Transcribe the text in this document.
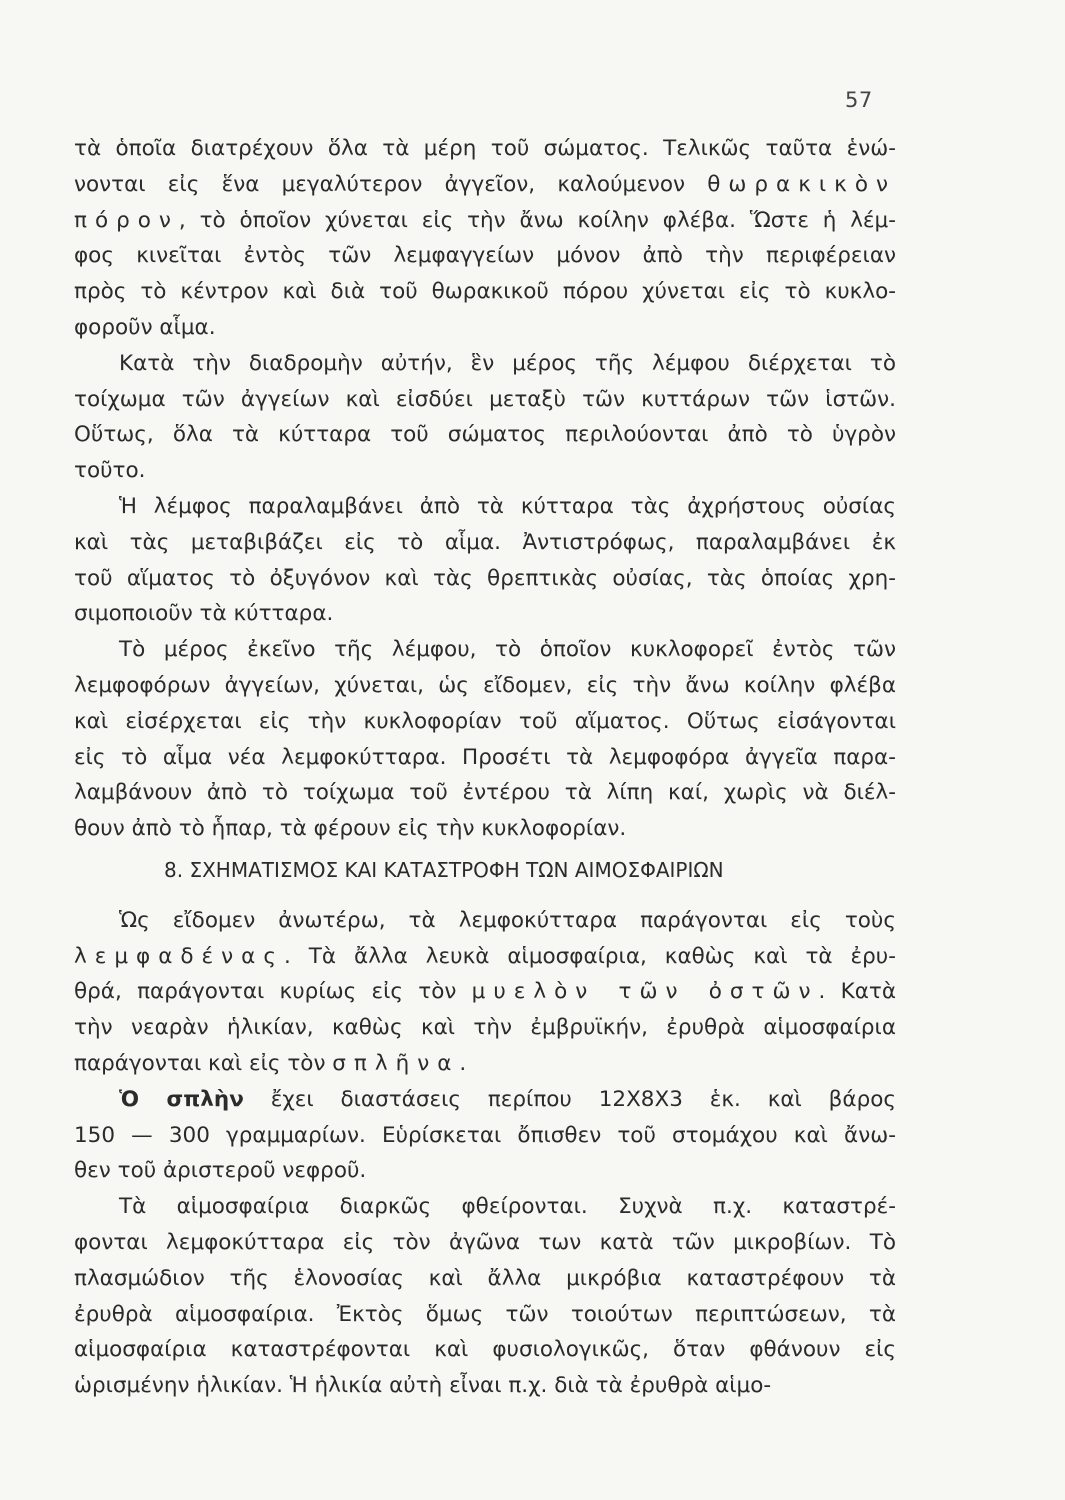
57
τὰ ὁποῖα διατρέχουν ὅλα τὰ μέρη τοῦ σώματος. Τελικῶς ταῦτα ἑνώ-
νονται εἰς ἕνα μεγαλύτερον ἀγγεῖον, καλούμενον θωρακικὸν
πόρον, τὸ ὁποῖον χύνεται εἰς τὴν ἄνω κοίλην φλέβα. Ὥστε ἡ λέμ-
φος κινεῖται ἐντὸς τῶν λεμφαγγείων μόνον ἀπὸ τὴν περιφέρειαν
πρὸς τὸ κέντρον καὶ διὰ τοῦ θωρακικοῦ πόρου χύνεται εἰς τὸ κυκλο-
φοροῦν αἷμα.
Κατὰ τὴν διαδρομὴν αὐτήν, ἓν μέρος τῆς λέμφου διέρχεται τὸ
τοίχωμα τῶν ἀγγείων καὶ εἰσδύει μεταξὺ τῶν κυττάρων τῶν ἱστῶν.
Οὕτως, ὅλα τὰ κύτταρα τοῦ σώματος περιλούονται ἀπὸ τὸ ὑγρὸν
τοῦτο.
Ἡ λέμφος παραλαμβάνει ἀπὸ τὰ κύτταρα τὰς ἀχρήστους οὐσίας
καὶ τὰς μεταβιβάζει εἰς τὸ αἷμα. Ἀντιστρόφως, παραλαμβάνει ἐκ
τοῦ αἵματος τὸ ὀξυγόνον καὶ τὰς θρεπτικὰς οὐσίας, τὰς ὁποίας χρη-
σιμοποιοῦν τὰ κύτταρα.
Τὸ μέρος ἐκεῖνο τῆς λέμφου, τὸ ὁποῖον κυκλοφορεῖ ἐντὸς τῶν
λεμφοφόρων ἀγγείων, χύνεται, ὡς εἴδομεν, εἰς τὴν ἄνω κοίλην φλέβα
καὶ εἰσέρχεται εἰς τὴν κυκλοφορίαν τοῦ αἵματος. Οὕτως εἰσάγονται
εἰς τὸ αἷμα νέα λεμφοκύτταρα. Προσέτι τὰ λεμφοφόρα ἀγγεῖα παρα-
λαμβάνουν ἀπὸ τὸ τοίχωμα τοῦ ἐντέρου τὰ λίπη καί, χωρὶς νὰ διέλ-
θουν ἀπὸ τὸ ἧπαρ, τὰ φέρουν εἰς τὴν κυκλοφορίαν.
8. ΣΧΗΜΑΤΙΣΜΟΣ ΚΑΙ ΚΑΤΑΣΤΡΟΦΗ ΤΩΝ ΑΙΜΟΣΦΑΙΡΙΩΝ
Ὡς εἴδομεν ἀνωτέρω, τὰ λεμφοκύτταρα παράγονται εἰς τοὺς
λεμφαδένας. Τὰ ἄλλα λευκὰ αἱμοσφαίρια, καθὼς καὶ τὰ ἐρυ-
θρά, παράγονται κυρίως εἰς τὸν μυελὸν τῶν ὀστῶν. Κατὰ
τὴν νεαρὰν ἡλικίαν, καθὼς καὶ τὴν ἐμβρυϊκήν, ἐρυθρὰ αἱμοσφαίρια
παράγονται καὶ εἰς τὸν σπλῆνα.
Ὁ σπλὴν ἔχει διαστάσεις περίπου 12Χ8Χ3 ἑκ. καὶ βάρος
150 — 300 γραμμαρίων. Εὑρίσκεται ὄπισθεν τοῦ στομάχου καὶ ἄνω-
θεν τοῦ ἀριστεροῦ νεφροῦ.
Τὰ αἱμοσφαίρια διαρκῶς φθείρονται. Συχνὰ π.χ. καταστρέ-
φονται λεμφοκύτταρα εἰς τὸν ἀγῶνα των κατὰ τῶν μικροβίων. Τὸ
πλασμώδιον τῆς ἑλονοσίας καὶ ἄλλα μικρόβια καταστρέφουν τὰ
ἐρυθρὰ αἱμοσφαίρια. Ἐκτὸς ὅμως τῶν τοιούτων περιπτώσεων, τὰ
αἱμοσφαίρια καταστρέφονται καὶ φυσιολογικῶς, ὅταν φθάνουν εἰς
ὡρισμένην ἡλικίαν. Ἡ ἡλικία αὐτὴ εἶναι π.χ. διὰ τὰ ἐρυθρὰ αἱμο-
